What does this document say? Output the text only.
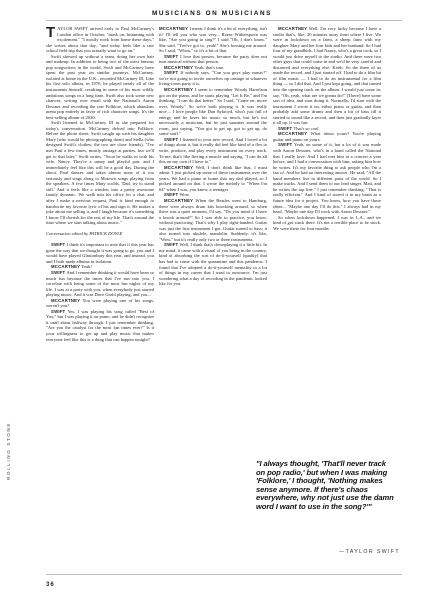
MUSICIANS ON MUSICIANS
ROLLING STONE

TAYLOR SWIFT arrived early to Paul McCartney's London office in October, "mask on, brimming with excitement." "I mostly work from home these days," she writes about that day, "and today feels like a rare school field trip that you actually want to go on."

Swift showed up without a team, doing her own hair and makeup. In addition to being two of the most famous pop songwriters in the world, Swift and McCartney have spent the past year on similar journeys. McCartney, isolated at home in the U.K., recorded McCartney III. Like his first solo album, in 1970, he played nearly all of the instruments himself, resulting in some of his most wildly ambitious songs in a long time. Swift also took some new chances, writing over email with the National's Aaron Dessner and recording the raw Folklore, which abandons arena pop entirely in favor of rich character songs. It's the best-selling album of 2020.

Swift listened to McCartney III as she prepared for today's conversation. McCartney delved into Folklore. Before the photo shoot, Swift caught up with his daughter Mary (who would be photographing them) and Stella (who designed Swift's clothes; the two are close friends). "I've met Paul a few times, mostly onstage at parties, but we'll get to that later," Swift writes. "Soon he walks in with his wife, Nancy. They're a sunny and playful pair, and I immediately feel like this will be a good day. During the shoot, Paul dances and takes almost none of it too seriously and sings along to Motown songs playing from the speakers. A few times Mary scolds, 'Dad, try to stand still.' And it feels like a window into a pretty awesome family dynamic. We walk into his office for a chat, and after I make a nervous request, Paul is kind enough to handwrite my favorite lyric of his and sign it. He makes a joke about me selling it, and I laugh because it's something I know I'll cherish for the rest of my life. That's around the time where we start talking about music."

Conversation edited by PATRICK DOYLE

SWIFT I think it's important to note that if this year has gone the way that we thought it was going to go, you and I would have played Glastonbury this year, and instead, you and I both made albums in isolation.

MCCARTNEY Yeah!

SWIFT And I remember thinking it would have been so much fun because the times that I've run into you, I correlate with being some of the most fun nights of my life. I was at a party with you, when everybody just started playing music. And it was Dave Grohl playing, and you...

MCCARTNEY You were playing one of his songs, weren't you?

SWIFT Yes, I was playing his song called "Best of You," but I was playing it on piano, and he didn't recognize it until about halfway through. I just remember thinking, "Are you the catalyst for the most fun times ever?" Is it your willingness to get up and play music that makes everyone feel like this is a thing that can happen tonight?

MCCARTNEY I mean, I think it's a bit of everything, isn't it? I'll tell you who was very... Reese Witherspoon was like, "Are you going to sing?" I said "Oh, I don't know." She said, "You've got to, yeah!" She's bossing me around. So I said, "Whoa," so it's a bit of that.

SWIFT I love that person, because the party does not turn musical without that person.

MCCARTNEY Yeah, that's true.

SWIFT If nobody says, "Can you guys play music?" we're not going to invite ourselves up onstage at whatever living-room party it is.

MCCARTNEY I seem to remember Woody Harrelson got on the piano, and he starts playing "Let It Be," and I'm thinking, "I can do that better." So I said, "Come on, move over, Woody." So we're both playing it. It was really nice.... I love people like Dan Aykroyd, who's just full of energy and he loves his music so much, but he's not necessarily a musician, but he just saunters around the room, just saying, "You got to get up, got to get up, do some stuff."

SWIFT I listened to your new record. And I loved a lot of things about it, but it really did feel like kind of a flex to write, produce, and play every instrument on every track. To me, that's like flexing a muscle and saying, "I can do all this on my own if I have to."

MCCARTNEY Well, I don't think like that, I must admit. I just picked up some of these instruments over the years. We had a piano at home that my dad played, so I picked around on that. I wrote the melody to "When I'm 64" when I was, you know, a teenager.

SWIFT Wow.

MCCARTNEY When the Beatles went to Hamburg, there were always drum kits knocking around, so when there was a quiet moment, I'd say, "Do you mind if I have a knock around?" So I was able to practice, you know, without practicing. That's why I play right-handed. Guitar was just the first instrument I got. Guitar turned to bass; it also turned into ukulele, mandolin. Suddenly, it's like, "Wow," but it's really only two or three instruments.

SWIFT Well, I think that's downplaying it a little bit. In my mind, it came with a visual of you being in the country, kind of absorbing the sort of do-it-yourself [quality] that has had to come with the quarantine and this pandemic. I found that I've adopted a do-it-yourself mentality to a lot of things in my career that I used to outsource. I'm just wondering what a day of recording in the pandemic looked like for you.

MCCARTNEY Well, I'm very lucky because I have a studio that's, like, 20 minutes away from where I live. We were in lockdown on a farm, a sheep farm with my daughter Mary and her four kids and her husband. So I had four of my grandkids, I had Nancy, who's a great cook, so I would just drive myself to the studio. And there were two other guys that could come in and we'd be very careful and distanced and everything else. Keith. So the three of us made the record, and I just started off. I had to do a film bit of film music — I had to do an instrumental for a film thing — so I did that. And I just kept going, and that turned into the opening track on the album. I would just come in, say, "Oh, yeah, what are we gonna do?" [There] have some sort of idea, and start doing it. Normally, I'd start with the instrument I wrote it on, either piano or guitar, and then probably add some drums and then a bit of bass till it started to sound like a record, and then just gradually layer it all up. It was fun.

SWIFT That's so cool.

MCCARTNEY What about yours? You're playing guitar and piano on yours.

SWIFT Yeah, on some of it, but a lot of it was made with Aaron Dessner, who's in a band called the National that I really love. And I had met him at a concert a year before, and I had a conversation with him, asking him how he writes. It's my favorite thing to ask people who I'm a fan of. And he had an interesting answer. He said, "All the band members live in different parts of the world. So I make tracks. And I send them to our lead singer, Matt, and he writes the top line." I just remember thinking, "That is really efficient." And I kind of stored it in my brain as a future idea for a project. You know, how you have those ideas... "Maybe one day I'll do this." I always had in my head, "Maybe one day I'll work with Aaron Dessner."

So when lockdown happened, I was in L.A., and we kind of got stuck there. It's not a terrible place to be stuck. We were there for four months

"I always thought, 'That'll never track on pop radio,' but when I was making 'Folklore,' I thought, 'Nothing makes sense anymore. If there's chaos everywhere, why not just use the damn word I want to use in the song?'"
—TAYLOR SWIFT
36
